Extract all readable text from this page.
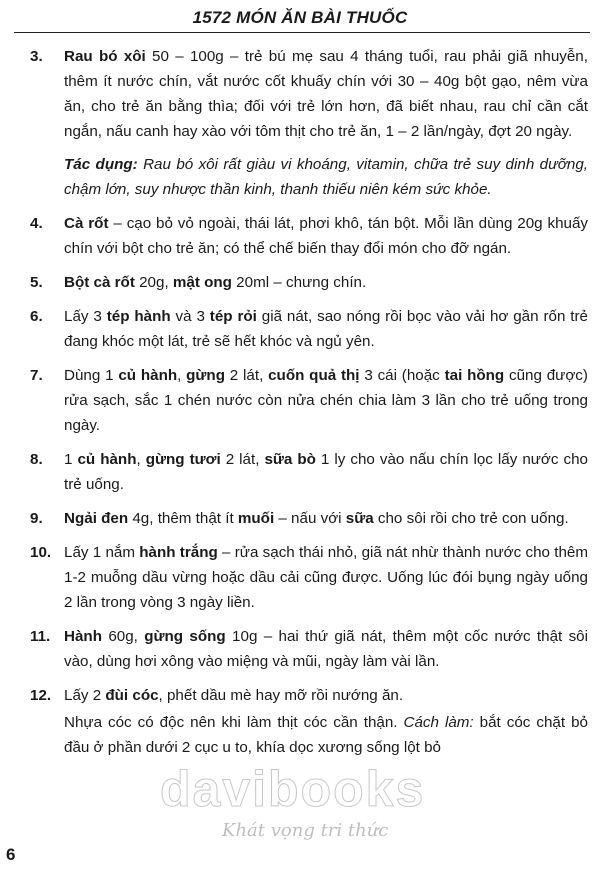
1572 MÓN ĂN BÀI THUỐC
3. Rau bó xôi 50 – 100g – trẻ bú mẹ sau 4 tháng tuổi, rau phải giã nhuyễn, thêm ít nước chín, vắt nước cốt khuấy chín với 30 – 40g bột gạo, nêm vừa ăn, cho trẻ ăn bằng thìa; đối với trẻ lớn hơn, đã biết nhau, rau chỉ cần cắt ngắn, nấu canh hay xào với tôm thịt cho trẻ ăn, 1 – 2 lần/ngày, đợt 20 ngày.
Tác dụng: Rau bó xôi rất giàu vi khoáng, vitamin, chữa trẻ suy dinh dưỡng, chậm lớn, suy nhược thần kinh, thanh thiếu niên kém sức khỏe.
4. Cà rốt – cạo bỏ vỏ ngoài, thái lát, phơi khô, tán bột. Mỗi lần dùng 20g khuấy chín với bột cho trẻ ăn; có thể chế biến thay đổi món cho đỡ ngán.
5. Bột cà rốt 20g, mật ong 20ml – chưng chín.
6. Lấy 3 tép hành và 3 tép rỏi giã nát, sao nóng rồi bọc vào vải hơ gần rốn trẻ đang khóc một lát, trẻ sẽ hết khóc và ngủ yên.
7. Dùng 1 củ hành, gừng 2 lát, cuốn quả thị 3 cái (hoặc tai hồng cũng được) rửa sạch, sắc 1 chén nước còn nửa chén chia làm 3 lần cho trẻ uống trong ngày.
8. 1 củ hành, gừng tươi 2 lát, sữa bò 1 ly cho vào nấu chín lọc lấy nước cho trẻ uống.
9. Ngải đen 4g, thêm thật ít muối – nấu với sữa cho sôi rồi cho trẻ con uống.
10. Lấy 1 nắm hành trắng – rửa sạch thái nhỏ, giã nát nhừ thành nước cho thêm 1-2 muỗng dầu vừng hoặc dầu cải cũng được. Uống lúc đói bụng ngày uống 2 lần trong vòng 3 ngày liền.
11. Hành 60g, gừng sống 10g – hai thứ giã nát, thêm một cốc nước thật sôi vào, dùng hơi xông vào miệng và mũi, ngày làm vài lần.
12. Lấy 2 đùi cóc, phết dầu mè hay mỡ rồi nướng ăn.
Nhựa cóc có độc nên khi làm thịt cóc cần thận. Cách làm: bắt cóc chặt bỏ đầu ở phần dưới 2 cục u to, khía dọc xương sống lột bỏ
6
davibooks
Khát vọng tri thức
